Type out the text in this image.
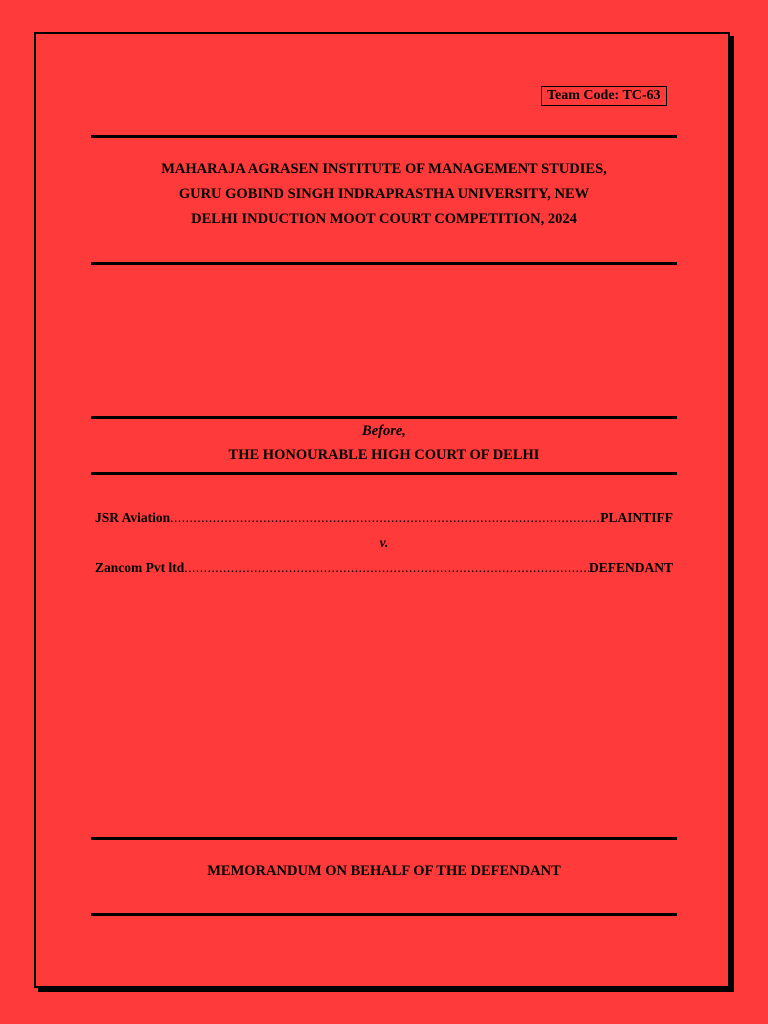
Team Code: TC-63
MAHARAJA AGRASEN INSTITUTE OF MANAGEMENT STUDIES,
GURU GOBIND SINGH INDRAPRASTHA UNIVERSITY, NEW
DELHI INDUCTION MOOT COURT COMPETITION, 2024
Before,
THE HONOURABLE HIGH COURT OF DELHI
JSR Aviation .....	PLAINTIFF
v.
Zancom Pvt ltd .....	DEFENDANT
MEMORANDUM ON BEHALF OF THE DEFENDANT
